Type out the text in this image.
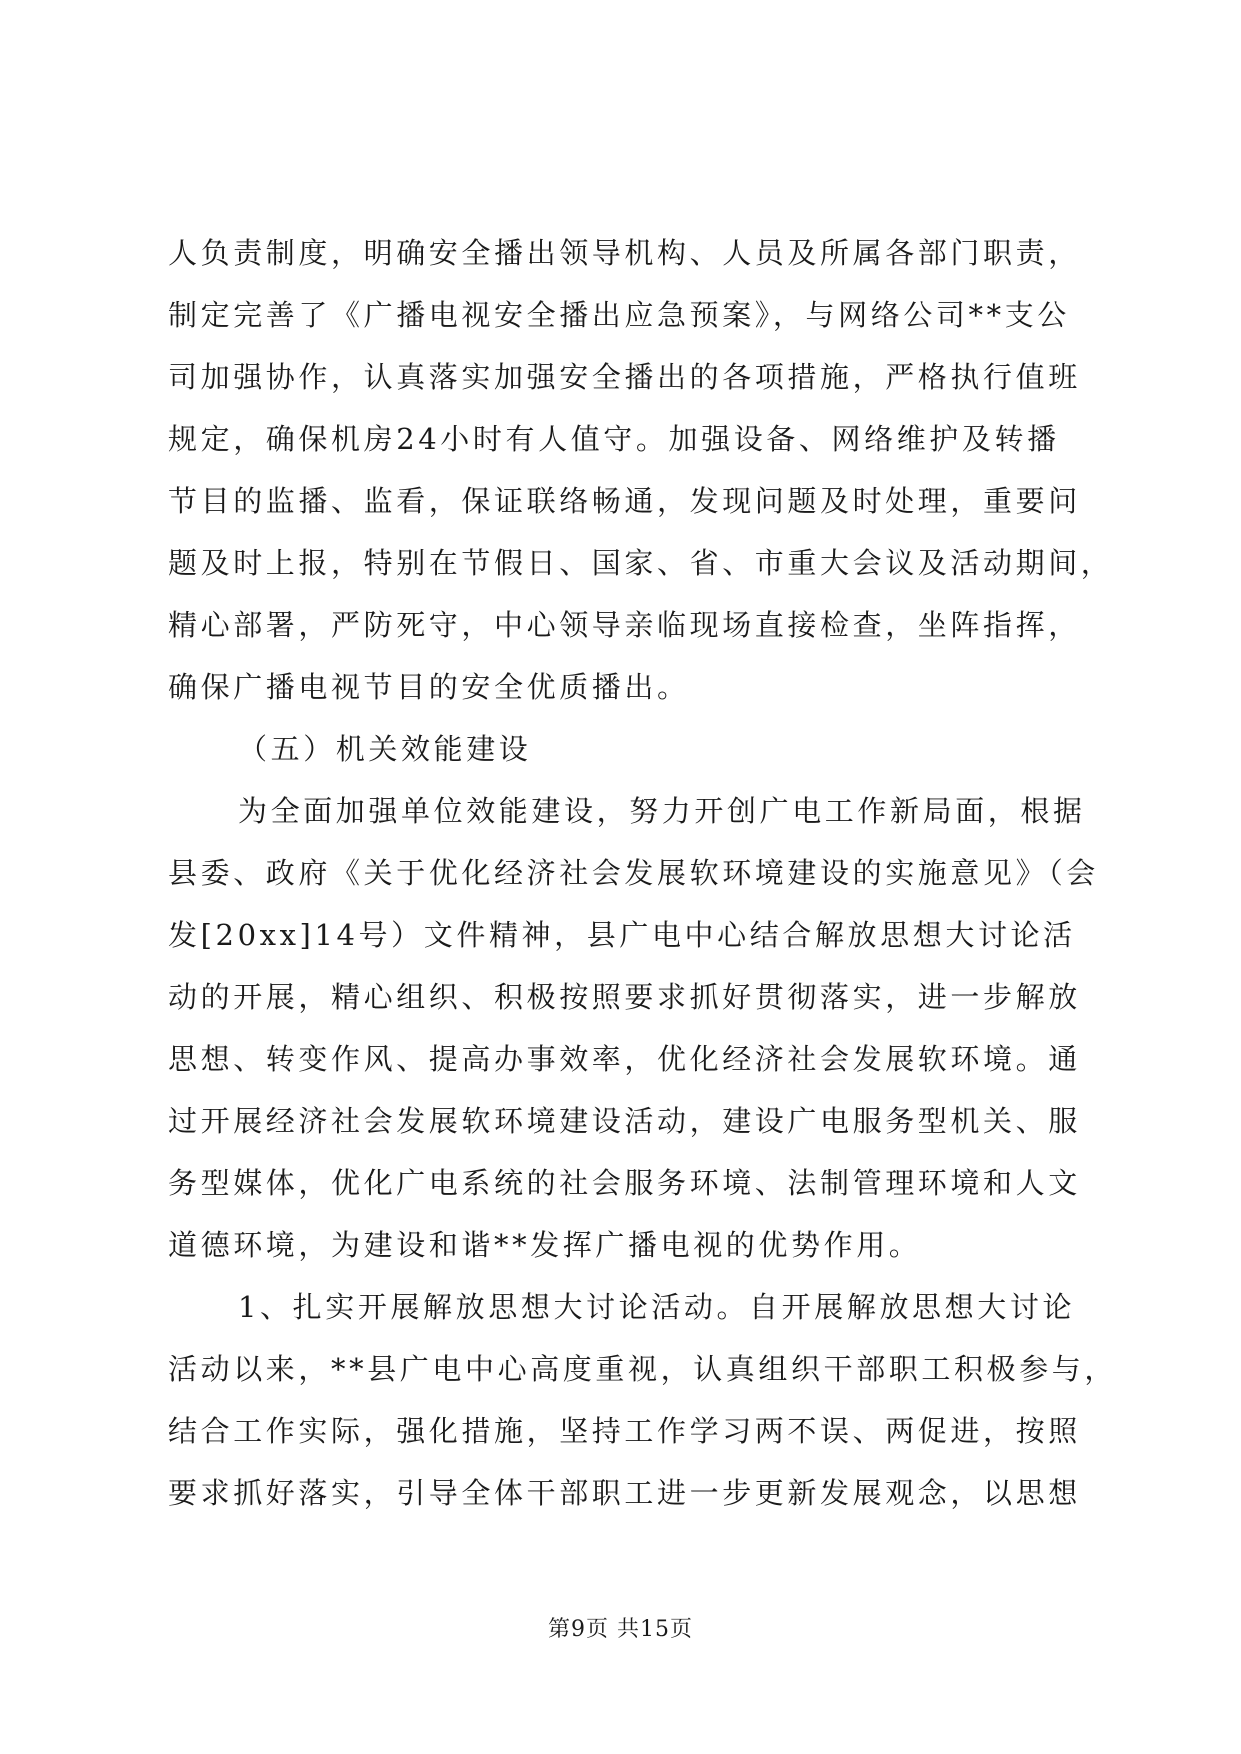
人负责制度，明确安全播出领导机构、人员及所属各部门职责，
制定完善了《广播电视安全播出应急预案》，与网络公司**支公
司加强协作，认真落实加强安全播出的各项措施，严格执行值班
规定，确保机房24小时有人值守。加强设备、网络维护及转播
节目的监播、监看，保证联络畅通，发现问题及时处理，重要问
题及时上报，特别在节假日、国家、省、市重大会议及活动期间，
精心部署，严防死守，中心领导亲临现场直接检查，坐阵指挥，
确保广播电视节目的安全优质播出。
（五）机关效能建设
为全面加强单位效能建设，努力开创广电工作新局面，根据
县委、政府《关于优化经济社会发展软环境建设的实施意见》（会
发[20xx]14号）文件精神，县广电中心结合解放思想大讨论活
动的开展，精心组织、积极按照要求抓好贯彻落实，进一步解放
思想、转变作风、提高办事效率，优化经济社会发展软环境。通
过开展经济社会发展软环境建设活动，建设广电服务型机关、服
务型媒体，优化广电系统的社会服务环境、法制管理环境和人文
道德环境，为建设和谐**发挥广播电视的优势作用。
1、扎实开展解放思想大讨论活动。自开展解放思想大讨论
活动以来，**县广电中心高度重视，认真组织干部职工积极参与，
结合工作实际，强化措施，坚持工作学习两不误、两促进，按照
要求抓好落实，引导全体干部职工进一步更新发展观念，以思想
第9页 共15页
